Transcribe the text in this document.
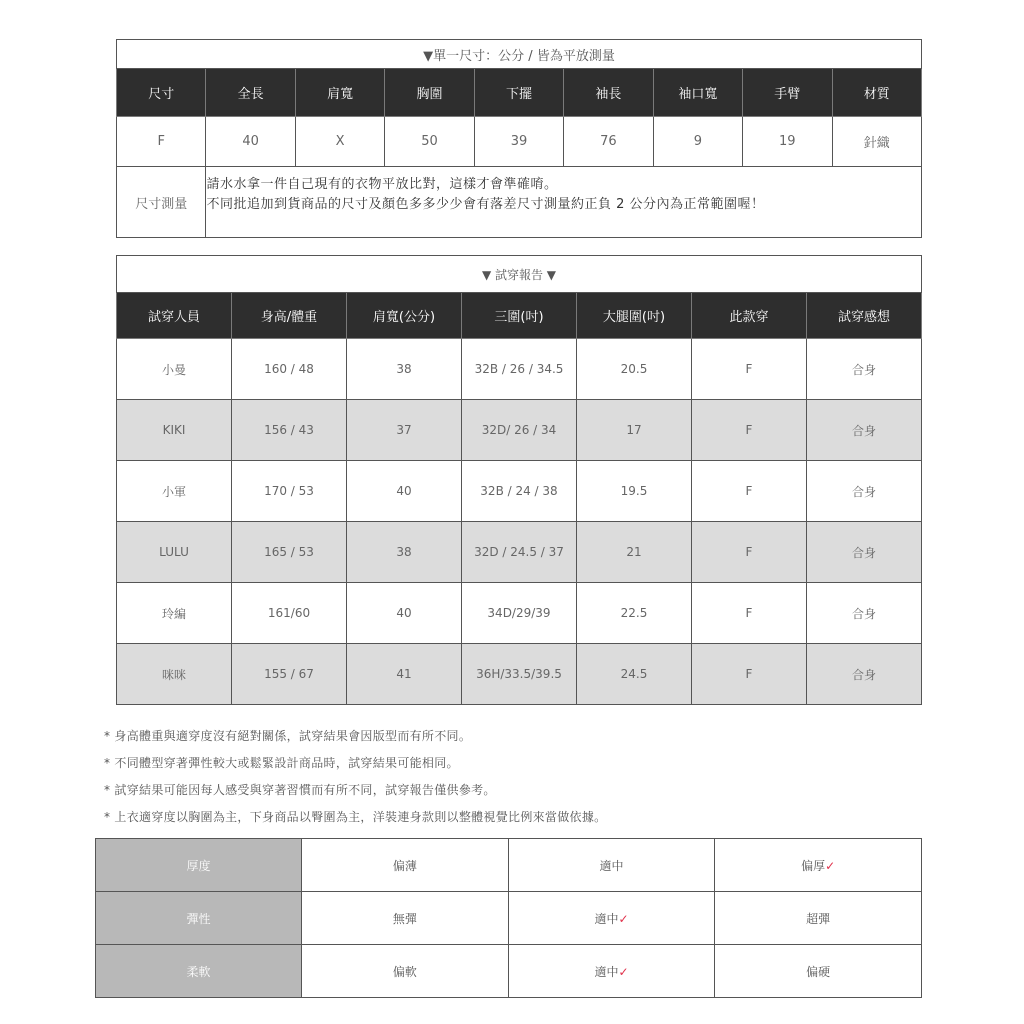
▼單一尺寸：公分 / 皆為平放測量								
尺寸	全長	肩寬	胸圍	下擺	袖長	袖口寬	手臂	材質
F	40	X	50	39	76	9	19	針織
尺寸測量	請水水拿一件自己現有的衣物平放比對，這樣才會準確唷。
不同批追加到貨商品的尺寸及顏色多多少少會有落差尺寸測量約正負 2 公分內為正常範圍喔！							
▼ 試穿報告 ▼						
試穿人員	身高/體重	肩寬(公分)	三圍(吋)	大腿圍(吋)	此款穿	試穿感想
小曼	160 / 48	38	32B / 26 / 34.5	20.5	F	合身
KIKI	156 / 43	37	32D/ 26 / 34	17	F	合身
小軍	170 / 53	40	32B / 24 / 38	19.5	F	合身
LULU	165 / 53	38	32D / 24.5 / 37	21	F	合身
玲編	161/60	40	34D/29/39	22.5	F	合身
咪咪	155 / 67	41	36H/33.5/39.5	24.5	F	合身
* 身高體重與適穿度沒有絕對關係，試穿結果會因版型而有所不同。
* 不同體型穿著彈性較大或鬆緊設計商品時，試穿結果可能相同。
* 試穿結果可能因每人感受與穿著習慣而有所不同，試穿報告僅供參考。
* 上衣適穿度以胸圍為主，下身商品以臀圍為主，洋裝連身款則以整體視覺比例來當做依據。
厚度	偏薄	適中	偏厚✓
彈性	無彈	適中✓	超彈
柔軟	偏軟	適中✓	偏硬
